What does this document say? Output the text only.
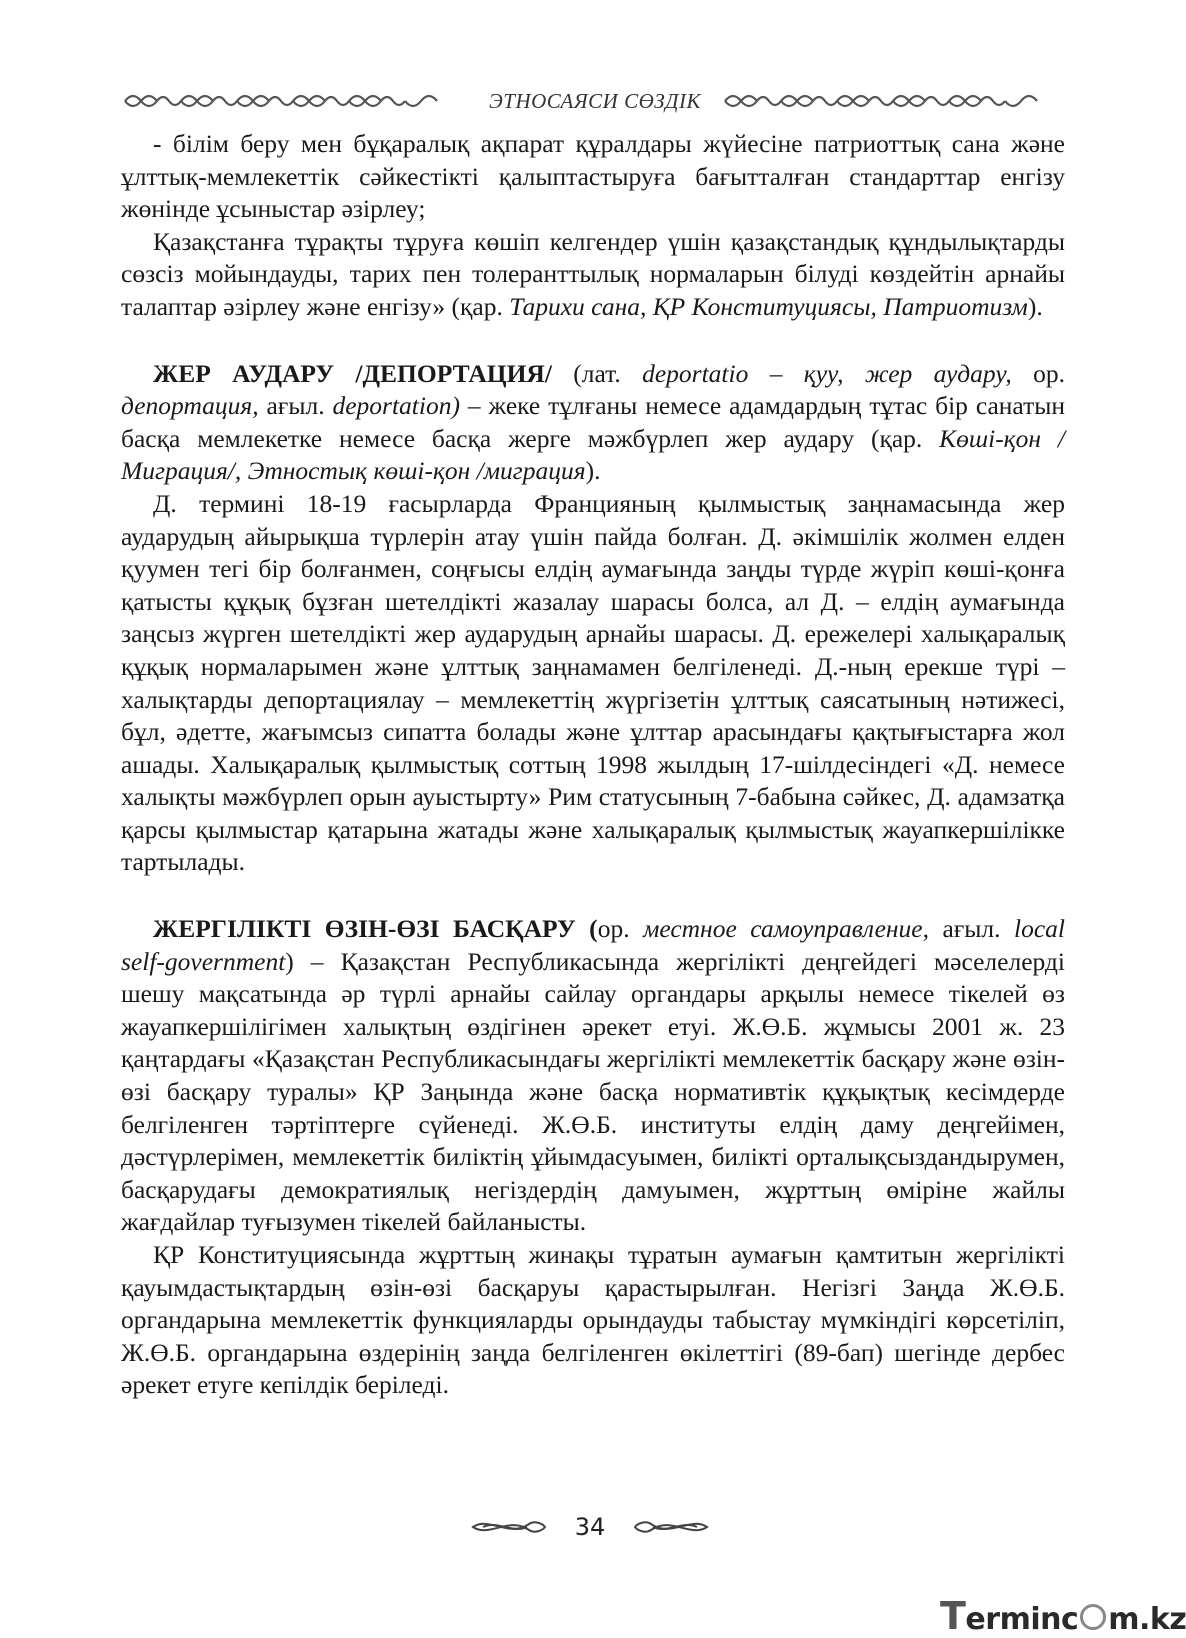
ЭТНОСАЯСИ СӨЗДІК

- білім беру мен бұқаралық ақпарат құралдары жүйесіне патриоттық сана және ұлттық-мемлекеттік сәйкестікті қалыптастыруға бағытталған стандарттар енгізу жөнінде ұсыныстар әзірлеу;

Қазақстанға тұрақты тұруға көшіп келгендер үшін қазақстандық құндылықтарды сөзсіз мойындауды, тарих пен толеранттылық нормаларын білуді көздейтін арнайы талаптар әзірлеу және енгізу» (қар. Тарихи сана, ҚР Конституциясы, Патриотизм).

ЖЕР АУДАРУ /ДЕПОРТАЦИЯ/ (лат. deportatio – қуу, жер аудару, ор. депортация, ағыл. deportation) – жеке тұлғаны немесе адамдардың тұтас бір санатын басқа мемлекетке немесе басқа жерге мәжбүрлеп жер аудару (қар. Көші-қон /Миграция/, Этностық көші-қон /миграция).

Д. термині 18-19 ғасырларда Францияның қылмыстық заңнамасында жер аударудың айырықша түрлерін атау үшін пайда болған. Д. әкімшілік жолмен елден қуумен тегі бір болғанмен, соңғысы елдің аумағында заңды түрде жүріп көші-қонға қатысты құқық бұзған шетелдікті жазалау шарасы болса, ал Д. – елдің аумағында заңсыз жүрген шетелдікті жер аударудың арнайы шарасы. Д. ережелері халықаралық құқық нормаларымен және ұлттық заңнамамен белгіленеді. Д.-ның ерекше түрі – халықтарды депортациялау – мемлекеттің жүргізетін ұлттық саясатының нәтижесі, бұл, әдетте, жағымсыз сипатта болады және ұлттар арасындағы қақтығыстарға жол ашады. Халықаралық қылмыстық соттың 1998 жылдың 17-шілдесіндегі «Д. немесе халықты мәжбүрлеп орын ауыстырту» Рим статусының 7-бабына сәйкес, Д. адамзатқа қарсы қылмыстар қатарына жатады және халықаралық қылмыстық жауапкершілікке тартылады.

ЖЕРГІЛІКТІ ӨЗІН-ӨЗІ БАСҚАРУ (ор. местное самоуправление, ағыл. local self-government) – Қазақстан Республикасында жергілікті деңгейдегі мәселелерді шешу мақсатында әр түрлі арнайы сайлау органдары арқылы немесе тікелей өз жауапкершілігімен халықтың өздігінен әрекет етуі. Ж.Ө.Б. жұмысы 2001 ж. 23 қаңтардағы «Қазақстан Республикасындағы жергілікті мемлекеттік басқару және өзін-өзі басқару туралы» ҚР Заңында және басқа нормативтік құқықтық кесімдерде белгіленген тәртіптерге сүйенеді. Ж.Ө.Б. институты елдің даму деңгейімен, дәстүрлерімен, мемлекеттік биліктің ұйымдасуымен, билікті орталықсыздандырумен, басқарудағы демократиялық негіздердің дамуымен, жұрттың өміріне жайлы жағдайлар туғызумен тікелей байланысты.

ҚР Конституциясында жұрттың жинақы тұратын аумағын қамтитын жергілікті қауымдастықтардың өзін-өзі басқаруы қарастырылған. Негізгі Заңда Ж.Ө.Б. органдарына мемлекеттік функцияларды орындауды табыстау мүмкіндігі көрсетіліп, Ж.Ө.Б. органдарына өздерінің заңда белгіленген өкілеттігі (89-бап) шегінде дербес әрекет етуге кепілдік беріледі.

34
T erminc m.kz
